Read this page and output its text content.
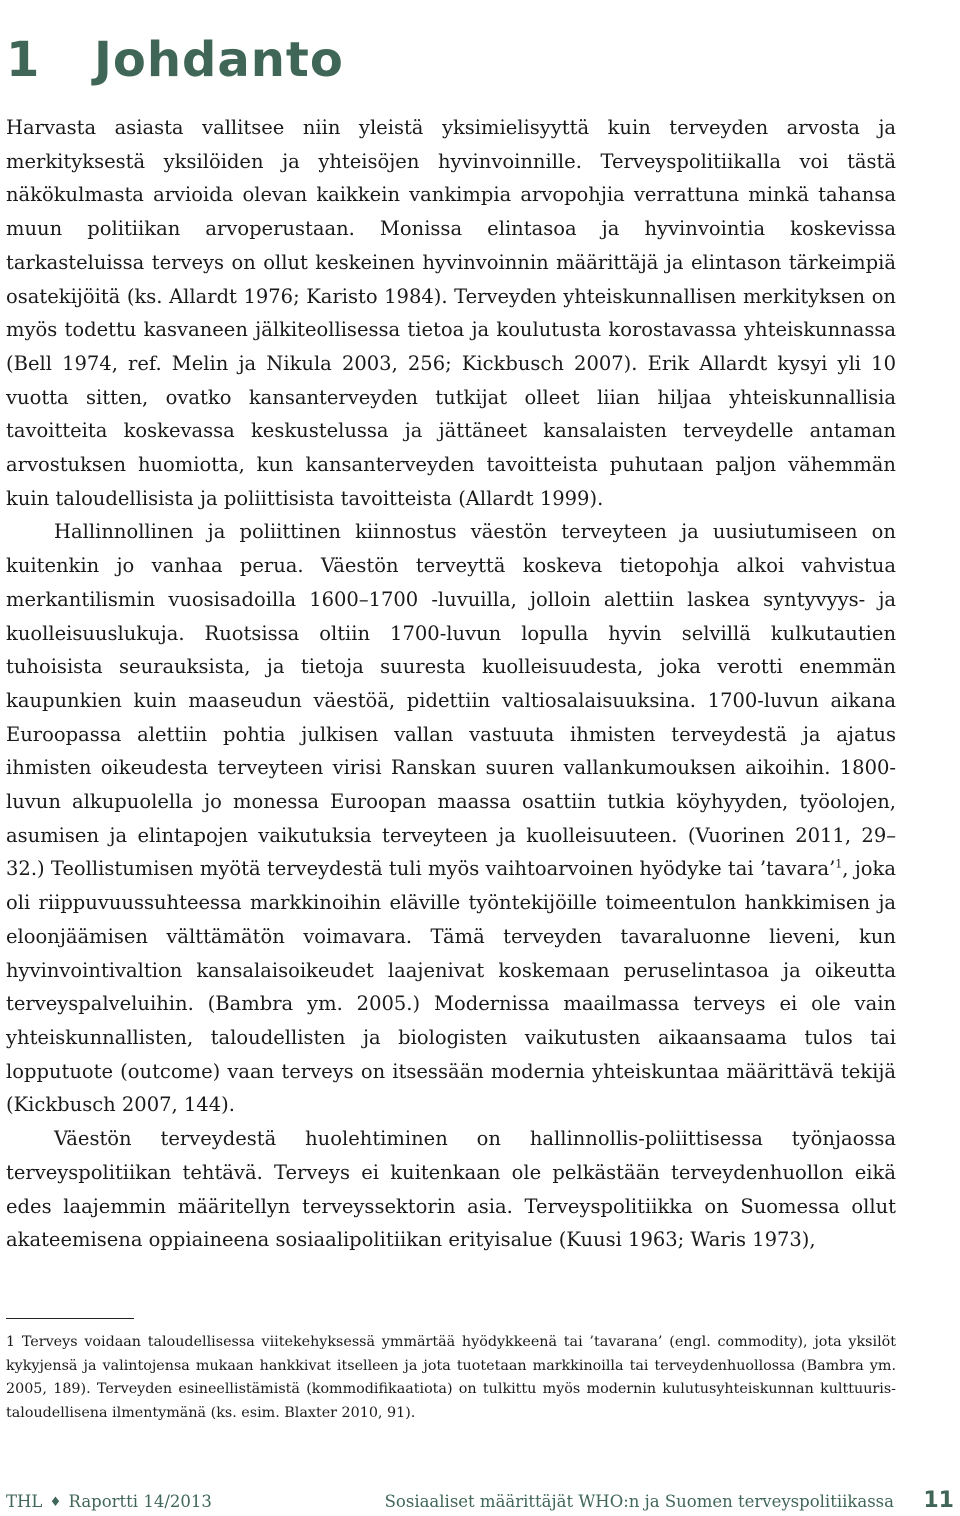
1 Johdanto

Harvasta asiasta vallitsee niin yleistä yksimielisyyttä kuin terveyden arvosta ja merkityksestä yksilöiden ja yhteisöjen hyvinvoinnille. Terveyspolitiikalla voi tästä näkökulmasta arvioida olevan kaikkein vankimpia arvopohjia verrattuna minkä tahansa muun politiikan arvoperustaan. Monissa elintasoa ja hyvinvointia koskevissa tarkasteluissa terveys on ollut keskeinen hyvinvoinnin määrittäjä ja elintason tärkeimpiä osatekijöitä (ks. Allardt 1976; Karisto 1984). Terveyden yhteiskunnallisen merkityksen on myös todettu kasvaneen jälkiteollisessa tietoa ja koulutusta korostavassa yhteiskunnassa (Bell 1974, ref. Melin ja Nikula 2003, 256; Kickbusch 2007). Erik Allardt kysyi yli 10 vuotta sitten, ovatko kansanterveyden tutkijat olleet liian hiljaa yhteiskunnallisia tavoitteita koskevassa keskustelussa ja jättäneet kansalaisten terveydelle antaman arvostuksen huomiotta, kun kansanterveyden tavoitteista puhutaan paljon vähemmän kuin taloudellisista ja poliittisista tavoitteista (Allardt 1999).

Hallinnollinen ja poliittinen kiinnostus väestön terveyteen ja uusiutumiseen on kuitenkin jo vanhaa perua. Väestön terveyttä koskeva tietopohja alkoi vahvistua merkantilismin vuosisadoilla 1600–1700 -luvuilla, jolloin alettiin laskea syntyvyys- ja kuolleisuuslukuja. Ruotsissa oltiin 1700-luvun lopulla hyvin selvillä kulkutautien tuhoisista seurauksista, ja tietoja suuresta kuolleisuudesta, joka verotti enemmän kaupunkien kuin maaseudun väestöä, pidettiin valtiosalaisuuksina. 1700-luvun aikana Euroopassa alettiin pohtia julkisen vallan vastuuta ihmisten terveydestä ja ajatus ihmisten oikeudesta terveyteen virisi Ranskan suuren vallankumouksen aikoihin. 1800-luvun alkupuolella jo monessa Euroopan maassa osattiin tutkia köyhyyden, työolojen, asumisen ja elintapojen vaikutuksia terveyteen ja kuolleisuuteen. (Vuorinen 2011, 29–32.) Teollistumisen myötä terveydestä tuli myös vaihtoarvoinen hyödyke tai ’tavara’$^1$, joka oli riippuvuussuhteessa markkinoihin eläville työntekijöille toimeentulon hankkimisen ja eloonjäämisen välttämätön voimavara. Tämä terveyden tavaraluonne lieveni, kun hyvinvointivaltion kansalaisoikeudet laajenivat koskemaan peruselintasoa ja oikeutta terveyspalveluihin. (Bambra ym. 2005.) Modernissa maailmassa terveys ei ole vain yhteiskunnallisten, taloudellisten ja biologisten vaikutusten aikaansaama tulos tai lopputuote (outcome) vaan terveys on itsessään modernia yhteiskuntaa määrittävä tekijä (Kickbusch 2007, 144).

Väestön terveydestä huolehtiminen on hallinnollis-poliittisessa työnjaossa terveyspolitiikan tehtävä. Terveys ei kuitenkaan ole pelkästään terveydenhuollon eikä edes laajemmin määritellyn terveyssektorin asia. Terveyspolitiikka on Suomessa ollut akateemisena oppiaineena sosiaalipolitiikan erityisalue (Kuusi 1963; Waris 1973),

1 Terveys voidaan taloudellisessa viitekehyksessä ymmärtää hyödykkeenä tai ’tavarana’ (engl. commodity), jota yksilöt kykyjensä ja valintojensa mukaan hankkivat itselleen ja jota tuotetaan markkinoilla tai terveydenhuollossa (Bambra ym. 2005, 189). Terveyden esineellistämistä (kommodifikaatiota) on tulkittu myös modernin kulutusyhteiskunnan kulttuuris-taloudellisena ilmentymänä (ks. esim. Blaxter 2010, 91).

THL ♦ Raportti 14/2013	Sosiaaliset määrittäjät WHO:n ja Suomen terveyspolitiikassa 11
